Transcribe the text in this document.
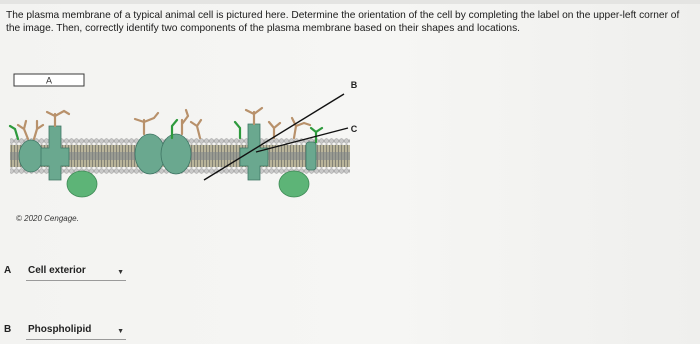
The plasma membrane of a typical animal cell is pictured here. Determine the orientation of the cell by completing the label on the upper-left corner of the image. Then, correctly identify two components of the plasma membrane based on their shapes and locations.

A	B
C
© 2020 Cengage.
A Cell exterior	▼
B Phospholipid	▼
